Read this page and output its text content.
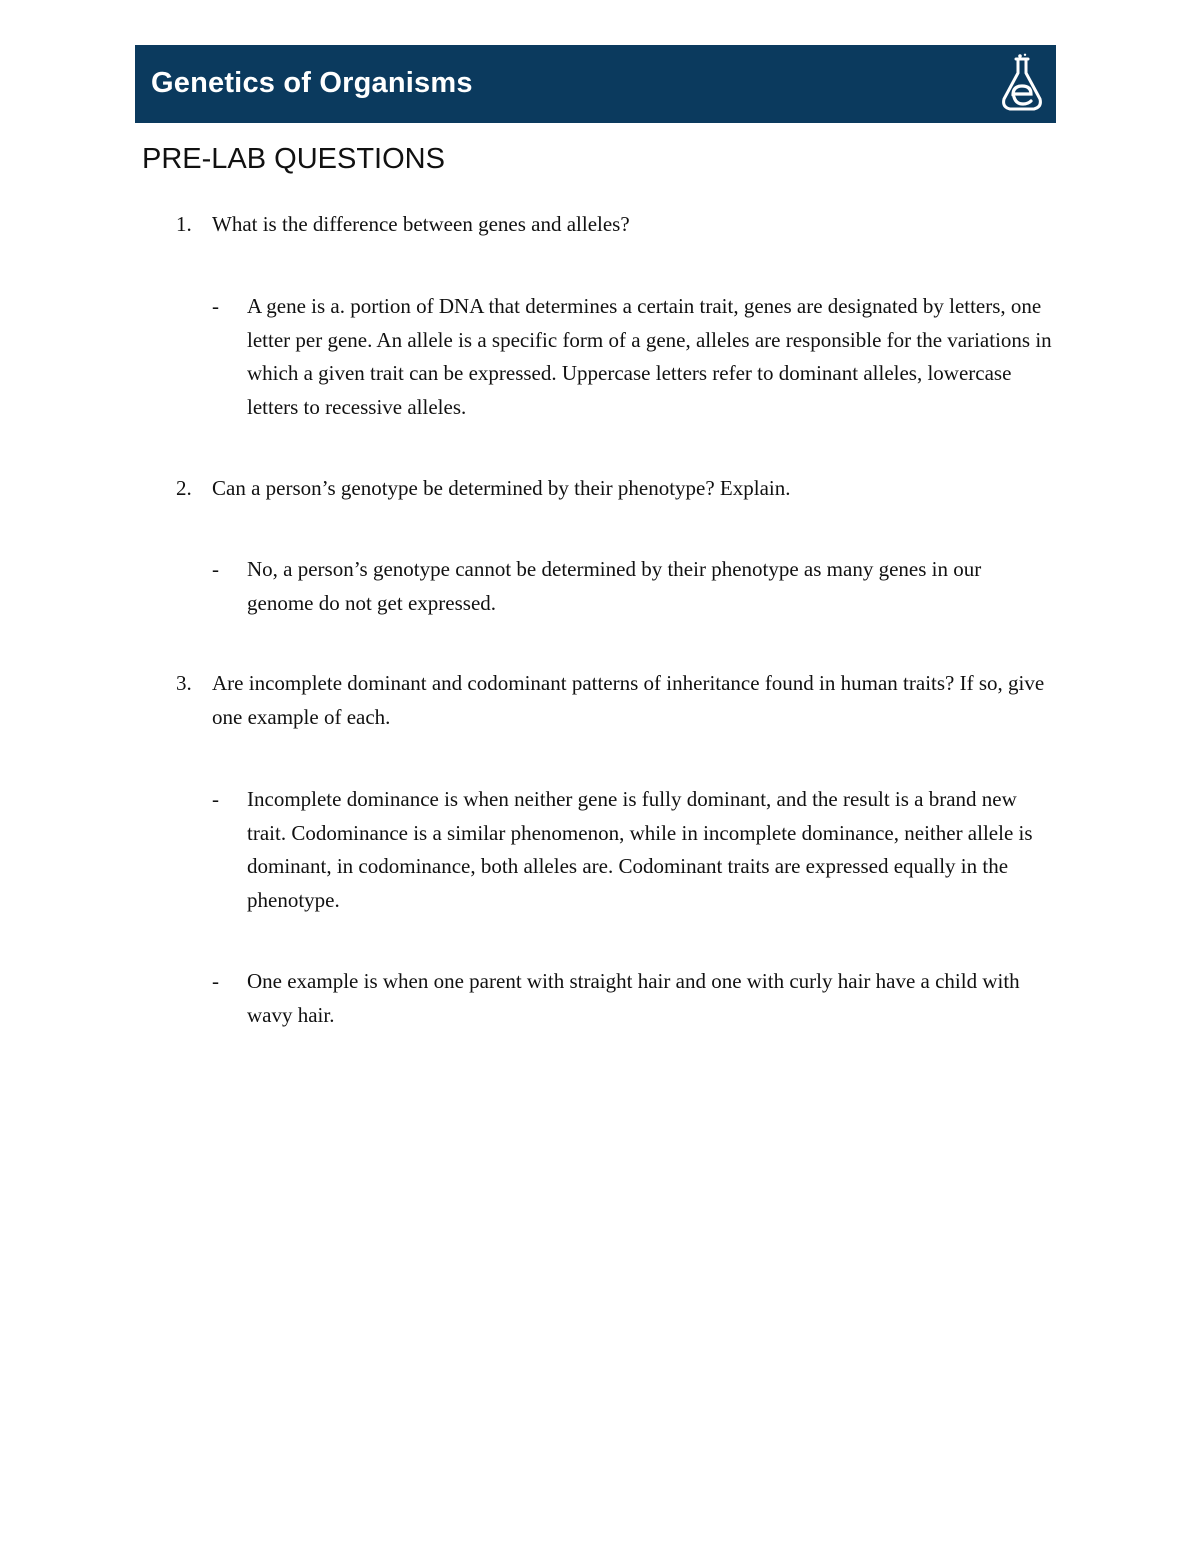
Genetics of Organisms
PRE-LAB QUESTIONS
1. What is the difference between genes and alleles?
- A gene is a. portion of DNA that determines a certain trait, genes are designated by letters, one letter per gene. An allele is a specific form of a gene, alleles are responsible for the variations in which a given trait can be expressed. Uppercase letters refer to dominant alleles, lowercase letters to recessive alleles.
2. Can a person’s genotype be determined by their phenotype? Explain.
- No, a person’s genotype cannot be determined by their phenotype as many genes in our genome do not get expressed.
3. Are incomplete dominant and codominant patterns of inheritance found in human traits? If so, give one example of each.
- Incomplete dominance is when neither gene is fully dominant, and the result is a brand new trait. Codominance is a similar phenomenon, while in incomplete dominance, neither allele is dominant, in codominance, both alleles are. Codominant traits are expressed equally in the phenotype.
- One example is when one parent with straight hair and one with curly hair have a child with wavy hair.
